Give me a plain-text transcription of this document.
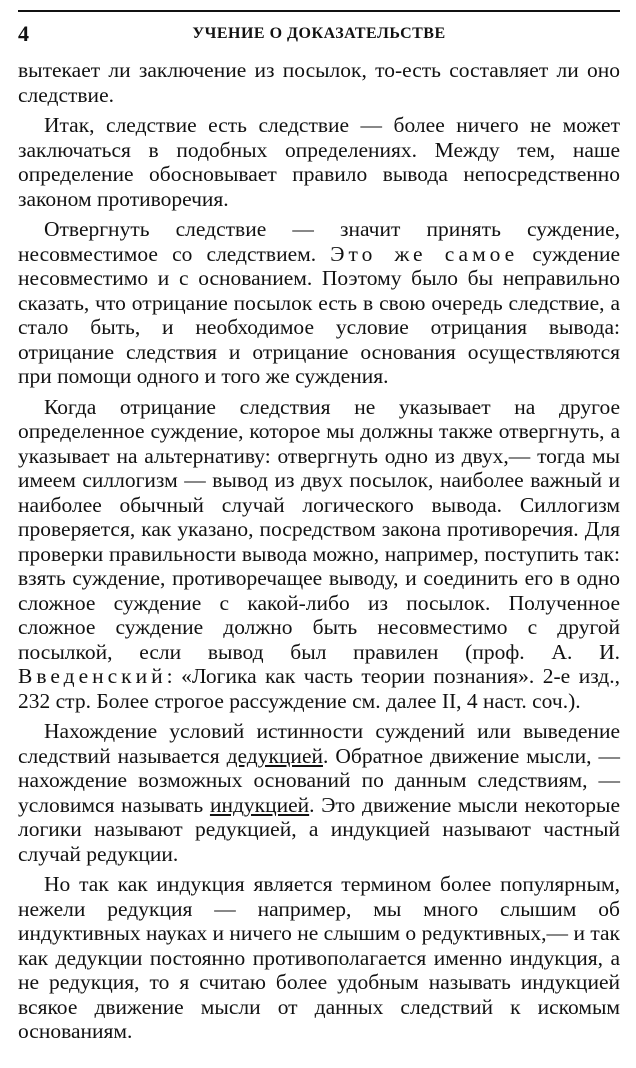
4	УЧЕНИЕ О ДОКАЗАТЕЛЬСТВЕ

вытекает ли заключение из посылок, то-есть составляет ли оно следствие.

Итак, следствие есть следствие — более ничего не может заключаться в подобных определениях. Между тем, наше определение обосновывает правило вывода непосредственно законом противоречия.

Отвергнуть следствие — значит принять суждение, несовместимое со следствием. Это же самое суждение несовместимо и с основанием. Поэтому было бы неправильно сказать, что отрицание посылок есть в свою очередь следствие, а стало быть, и необходимое условие отрицания вывода: отрицание следствия и отрицание основания осуществляются при помощи одного и того же суждения.

Когда отрицание следствия не указывает на другое определенное суждение, которое мы должны также отвергнуть, а указывает на альтернативу: отвергнуть одно из двух,— тогда мы имеем силлогизм — вывод из двух посылок, наиболее важный и наиболее обычный случай логического вывода. Силлогизм проверяется, как указано, посредством закона противоречия. Для проверки правильности вывода можно, например, поступить так: взять суждение, противоречащее выводу, и соединить его в одно сложное суждение с какой-либо из посылок. Полученное сложное суждение должно быть несовместимо с другой посылкой, если вывод был правилен (проф. А. И. Введенский: «Логика как часть теории познания». 2-е изд., 232 стр. Более строгое рассуждение см. далее II, 4 наст. соч.).

Нахождение условий истинности суждений или выведение следствий называется дедукцией. Обратное движение мысли, — нахождение возможных оснований по данным следствиям, — условимся называть индукцией. Это движение мысли некоторые логики называют редукцией, а индукцией называют частный случай редукции.

Но так как индукция является термином более популярным, нежели редукция — например, мы много слышим об индуктивных науках и ничего не слышим о редуктивных,— и так как дедукции постоянно противополагается именно индукция, а не редукция, то я считаю более удобным называть индукцией всякое движение мысли от данных следствий к искомым основаниям.
